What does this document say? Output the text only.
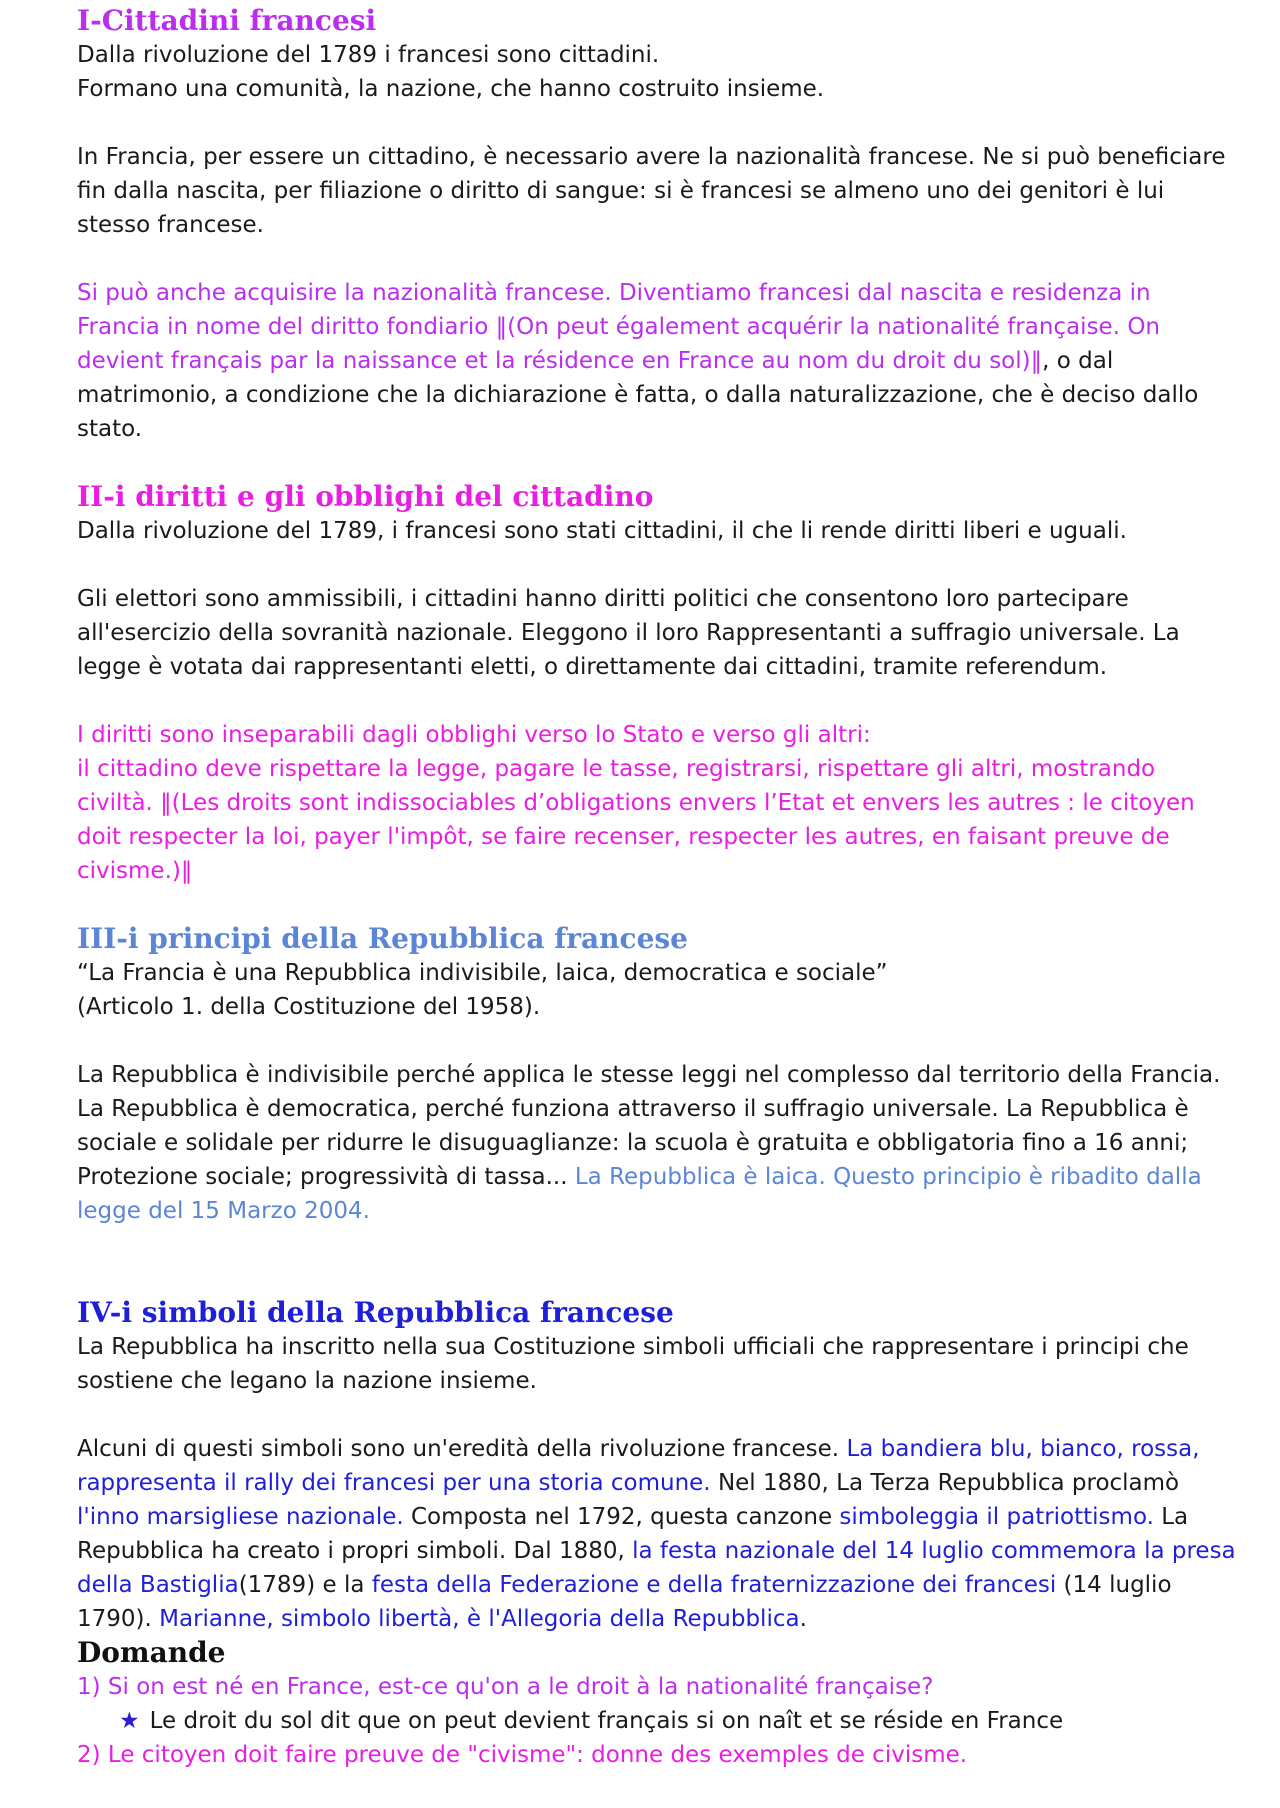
I-Cittadini francesi

Dalla rivoluzione del 1789 i francesi sono cittadini.

Formano una comunità, la nazione, che hanno costruito insieme.

In Francia, per essere un cittadino, è necessario avere la nazionalità francese. Ne si può beneficiare fin dalla nascita, per filiazione o diritto di sangue: si è francesi se almeno uno dei genitori è lui stesso francese.

Si può anche acquisire la nazionalità francese. Diventiamo francesi dal nascita e residenza in Francia in nome del diritto fondiario ‖(On peut également acquérir la nationalité française. On devient français par la naissance et la résidence en France au nom du droit du sol)‖, o dal matrimonio, a condizione che la dichiarazione è fatta, o dalla naturalizzazione, che è deciso dallo stato.

II-i diritti e gli obblighi del cittadino

Dalla rivoluzione del 1789, i francesi sono stati cittadini, il che li rende diritti liberi e uguali.

Gli elettori sono ammissibili, i cittadini hanno diritti politici che consentono loro partecipare all'esercizio della sovranità nazionale. Eleggono il loro Rappresentanti a suffragio universale. La legge è votata dai rappresentanti eletti, o direttamente dai cittadini, tramite referendum.

I diritti sono inseparabili dagli obblighi verso lo Stato e verso gli altri:

il cittadino deve rispettare la legge, pagare le tasse, registrarsi, rispettare gli altri, mostrando civiltà. ‖(Les droits sont indissociables d’obligations envers l’Etat et envers les autres : le citoyen doit respecter la loi, payer l'impôt, se faire recenser, respecter les autres, en faisant preuve de civisme.)‖

III-i principi della Repubblica francese

“La Francia è una Repubblica indivisibile, laica, democratica e sociale”

(Articolo 1. della Costituzione del 1958).

La Repubblica è indivisibile perché applica le stesse leggi nel complesso dal territorio della Francia. La Repubblica è democratica, perché funziona attraverso il suffragio universale. La Repubblica è sociale e solidale per ridurre le disuguaglianze: la scuola è gratuita e obbligatoria fino a 16 anni; Protezione sociale; progressività di tassa... La Repubblica è laica. Questo principio è ribadito dalla legge del 15 Marzo 2004.

IV-i simboli della Repubblica francese

La Repubblica ha inscritto nella sua Costituzione simboli ufficiali che rappresentare i principi che sostiene che legano la nazione insieme.

Alcuni di questi simboli sono un'eredità della rivoluzione francese. La bandiera blu, bianco, rossa, rappresenta il rally dei francesi per una storia comune. Nel 1880, La Terza Repubblica proclamò l'inno marsigliese nazionale. Composta nel 1792, questa canzone simboleggia il patriottismo. La Repubblica ha creato i propri simboli. Dal 1880, la festa nazionale del 14 luglio commemora la presa della Bastiglia(1789) e la festa della Federazione e della fraternizzazione dei francesi (14 luglio 1790). Marianne, simbolo libertà, è l'Allegoria della Repubblica.

Domande

1) Si on est né en France, est-ce qu'on a le droit à la nationalité française?

★ Le droit du sol dit que on peut devient français si on naît et se réside en France

2) Le citoyen doit faire preuve de "civisme": donne des exemples de civisme.
